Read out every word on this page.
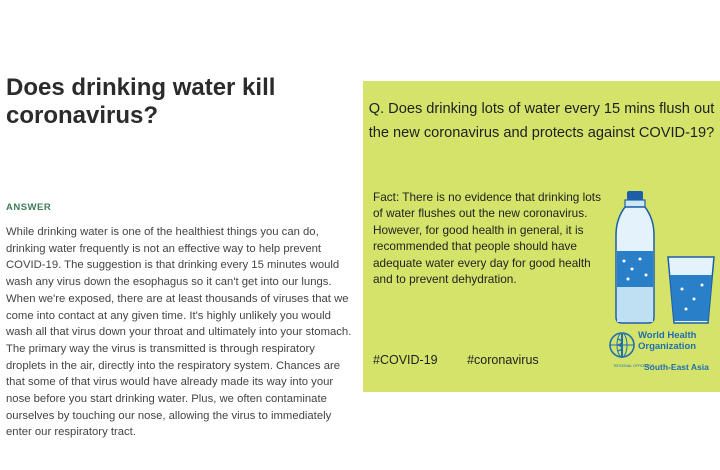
Does drinking water kill coronavirus?
ANSWER

While drinking water is one of the healthiest things you can do, drinking water frequently is not an effective way to help prevent COVID-19. The suggestion is that drinking every 15 minutes would wash any virus down the esophagus so it can't get into our lungs. When we're exposed, there are at least thousands of viruses that we come into contact at any given time. It's highly unlikely you would wash all that virus down your throat and ultimately into your stomach. The primary way the virus is transmitted is through respiratory droplets in the air, directly into the respiratory system. Chances are that some of that virus would have already made its way into your nose before you start drinking water. Plus, we often contaminate ourselves by touching our nose, allowing the virus to immediately enter our respiratory tract.

Q. Does drinking lots of water every 15 mins flush out the new coronavirus and protects against COVID-19?
Fact: There is no evidence that drinking lots of water flushes out the new coronavirus. However, for good health in general, it is recommended that people should have adequate water every day for good health and to prevent dehydration.
#COVID-19 #coronavirus
World Health
Organization
REGIONAL OFFICE FOR
South-East Asia
